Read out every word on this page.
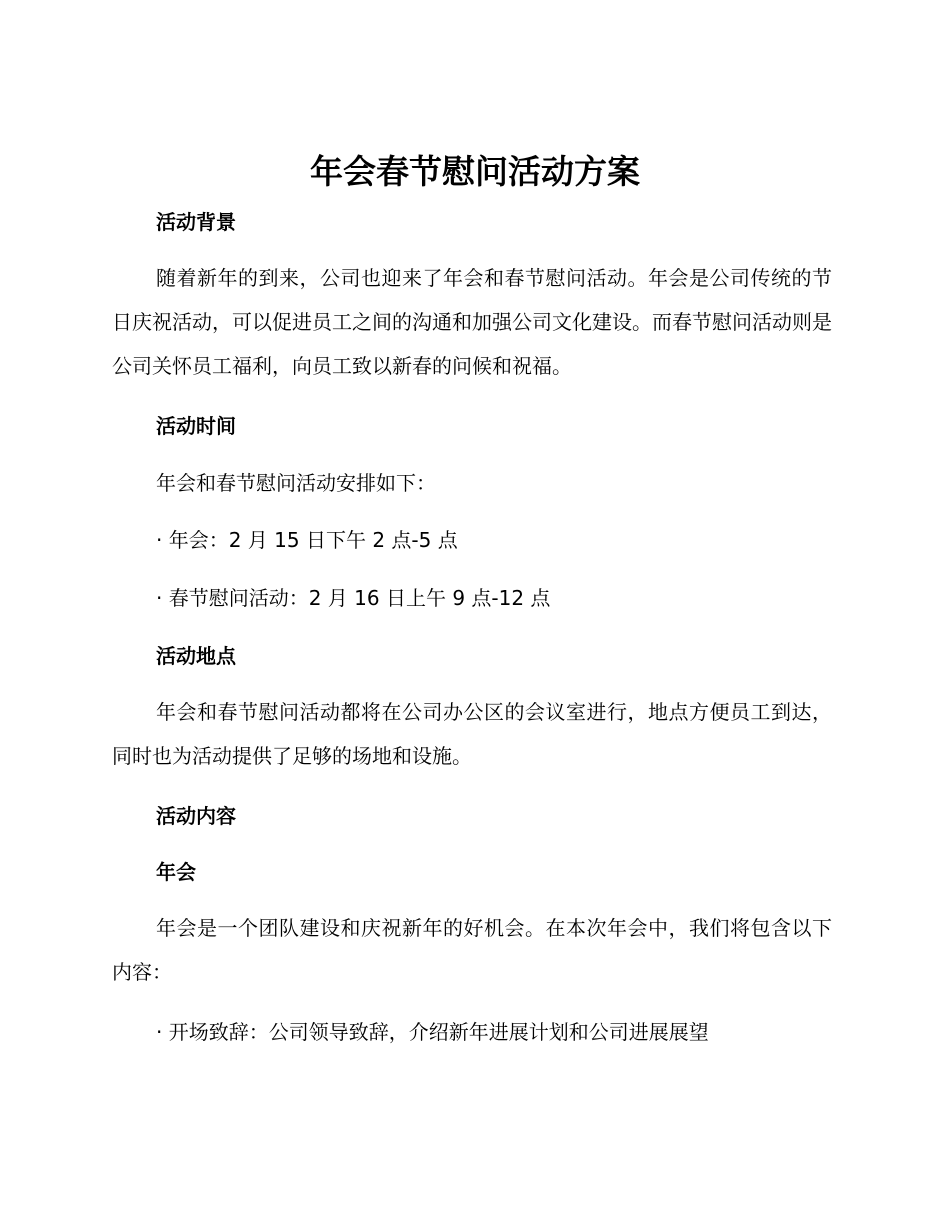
年会春节慰问活动方案
活动背景

随着新年的到来，公司也迎来了年会和春节慰问活动。年会是公司传统的节日庆祝活动，可以促进员工之间的沟通和加强公司文化建设。而春节慰问活动则是公司关怀员工福利，向员工致以新春的问候和祝福。

活动时间
年会和春节慰问活动安排如下：
· 年会：2 月 15 日下午 2 点-5 点
· 春节慰问活动：2 月 16 日上午 9 点-12 点
活动地点

年会和春节慰问活动都将在公司办公区的会议室进行，地点方便员工到达，同时也为活动提供了足够的场地和设施。

活动内容
年会

年会是一个团队建设和庆祝新年的好机会。在本次年会中，我们将包含以下内容：

· 开场致辞：公司领导致辞，介绍新年进展计划和公司进展展望
